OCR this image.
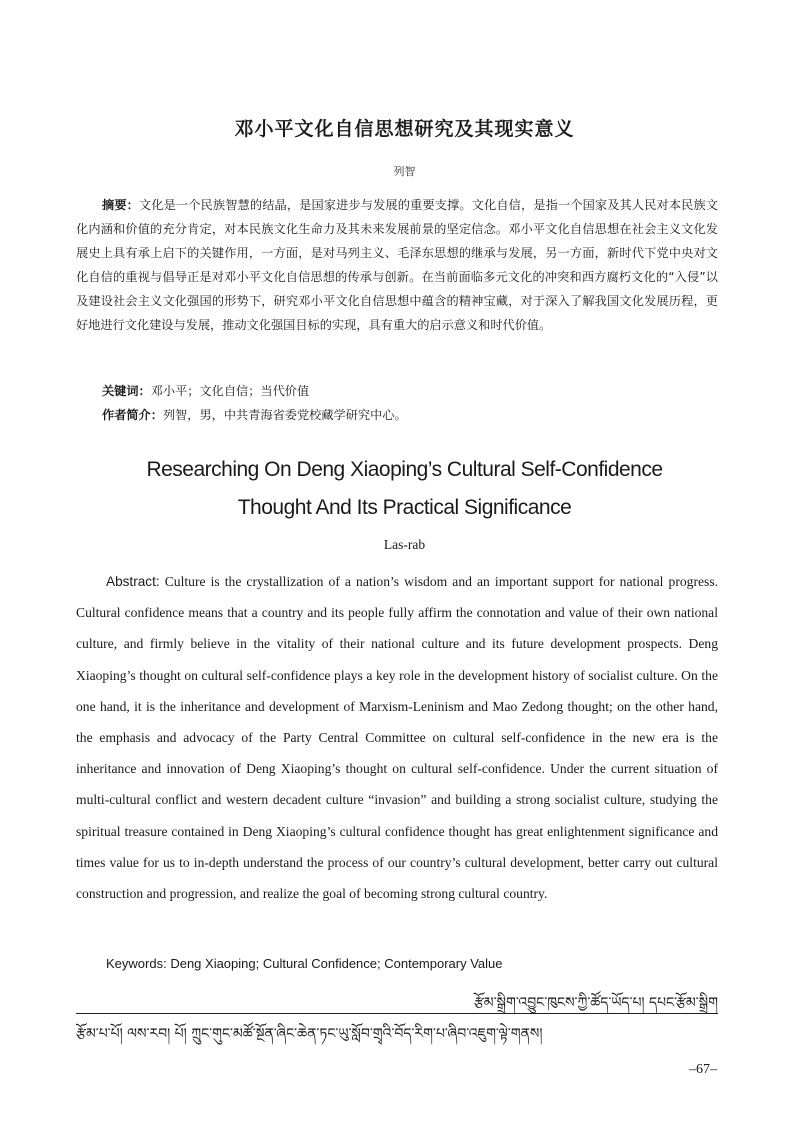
邓小平文化自信思想研究及其现实意义
列智

摘要：文化是一个民族智慧的结晶，是国家进步与发展的重要支撑。文化自信，是指一个国家及其人民对本民族文化内涵和价值的充分肯定，对本民族文化生命力及其未来发展前景的坚定信念。邓小平文化自信思想在社会主义文化发展史上具有承上启下的关键作用，一方面，是对马列主义、毛泽东思想的继承与发展，另一方面，新时代下党中央对文化自信的重视与倡导正是对邓小平文化自信思想的传承与创新。在当前面临多元文化的冲突和西方腐朽文化的“入侵”以及建设社会主义文化强国的形势下，研究邓小平文化自信思想中蕴含的精神宝藏，对于深入了解我国文化发展历程，更好地进行文化建设与发展，推动文化强国目标的实现，具有重大的启示意义和时代价值。

关键词：邓小平；文化自信；当代价值

作者简介：列智，男，中共青海省委党校藏学研究中心。

Researching On Deng Xiaoping’s Cultural Self-Confidence
Thought And Its Practical Significance
Las-rab

Abstract: Culture is the crystallization of a nation’s wisdom and an important support for national progress. Cultural confidence means that a country and its people fully affirm the connotation and value of their own national culture, and firmly believe in the vitality of their national culture and its future development prospects. Deng Xiaoping’s thought on cultural self-confidence plays a key role in the development history of socialist culture. On the one hand, it is the inheritance and development of Marxism-Leninism and Mao Zedong thought; on the other hand, the emphasis and advocacy of the Party Central Committee on cultural self-confidence in the new era is the inheritance and innovation of Deng Xiaoping’s thought on cultural self-confidence. Under the current situation of multi-cultural conflict and western decadent culture “invasion” and building a strong socialist culture, studying the spiritual treasure contained in Deng Xiaoping’s cultural confidence thought has great enlightenment significance and times value for us to in-depth understand the process of our country’s cultural development, better carry out cultural construction and progression, and realize the goal of becoming strong cultural country.

Keywords: Deng Xiaoping; Cultural Confidence; Contemporary Value

རྩོམ་སྒྲིག་འབྱུང་ཁུངས་ཀྱི་ཚོད་ཡོད་པ། དཔང་རྩོམ་སྒྲིག
རྩོམ་པ་པོ། ལས་རབ། པོ། ཀྲུང་གུང་མཚོ་སྔོན་ཞིང་ཆེན་ཏང་ཡུ་སློབ་གྲྭའི་བོད་རིག་པ་ཞིབ་འཇུག་ལྟེ་གནས།
–67–
